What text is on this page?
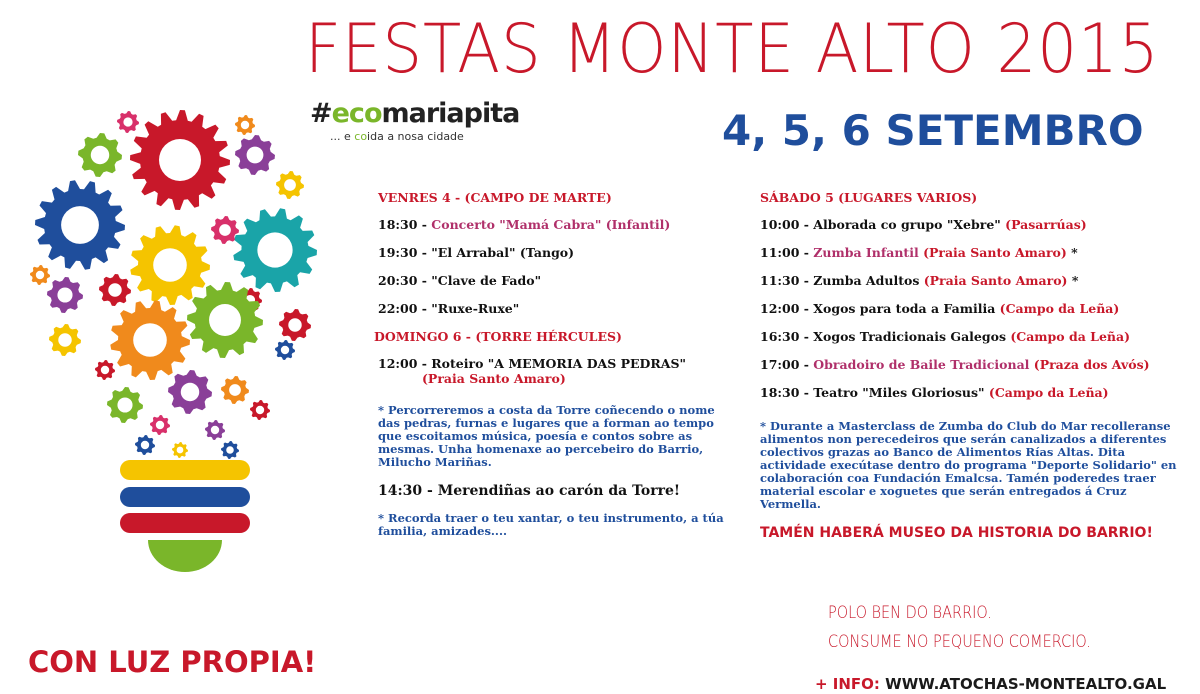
FESTAS MONTE ALTO 2015
#ecomariapita
... e coida a nosa cidade	4, 5, 6 SETEMBRO
VENRES 4 - (CAMPO DE MARTE)
18:30 - Concerto "Mamá Cabra" (Infantil)
19:30 - "El Arrabal" (Tango)
20:30 - "Clave de Fado"
22:00 - "Ruxe-Ruxe"
DOMINGO 6 - (TORRE HÉRCULES)
12:00 - Roteiro "A MEMORIA DAS PEDRAS"
(Praia Santo Amaro)
* Percorreremos a costa da Torre coñecendo o nome das pedras, furnas e lugares que a forman ao tempo que escoitamos música, poesía e contos sobre as mesmas. Unha homenaxe ao percebeiro do Barrio, Milucho Mariñas.
14:30 - Merendiñas ao carón da Torre!
* Recorda traer o teu xantar, o teu instrumento, a túa familia, amizades....
SÁBADO 5 (LUGARES VARIOS)
10:00 - Alborada co grupo "Xebre" (Pasarrúas)
11:00 - Zumba Infantil (Praia Santo Amaro) *
11:30 - Zumba Adultos (Praia Santo Amaro) *
12:00 - Xogos para toda a Familia (Campo da Leña)
16:30 - Xogos Tradicionais Galegos (Campo da Leña)
17:00 - Obradoiro de Baile Tradicional (Praza dos Avós)
18:30 - Teatro "Miles Gloriosus" (Campo da Leña)
* Durante a Masterclass de Zumba do Club do Mar recolleranse alimentos non perecedeiros que serán canalizados a diferentes colectivos grazas ao Banco de Alimentos Rías Altas. Dita actividade execútase dentro do programa "Deporte Solidario" en colaboración coa Fundación Emalcsa. Tamén poderedes traer material escolar e xoguetes que serán entregados á Cruz Vermella.
TAMÉN HABERÁ MUSEO DA HISTORIA DO BARRIO!
CON LUZ PROPIA!
POLO BEN DO BARRIO.
CONSUME NO PEQUENO COMERCIO.
+ INFO: WWW.ATOCHAS-MONTEALTO.GAL
